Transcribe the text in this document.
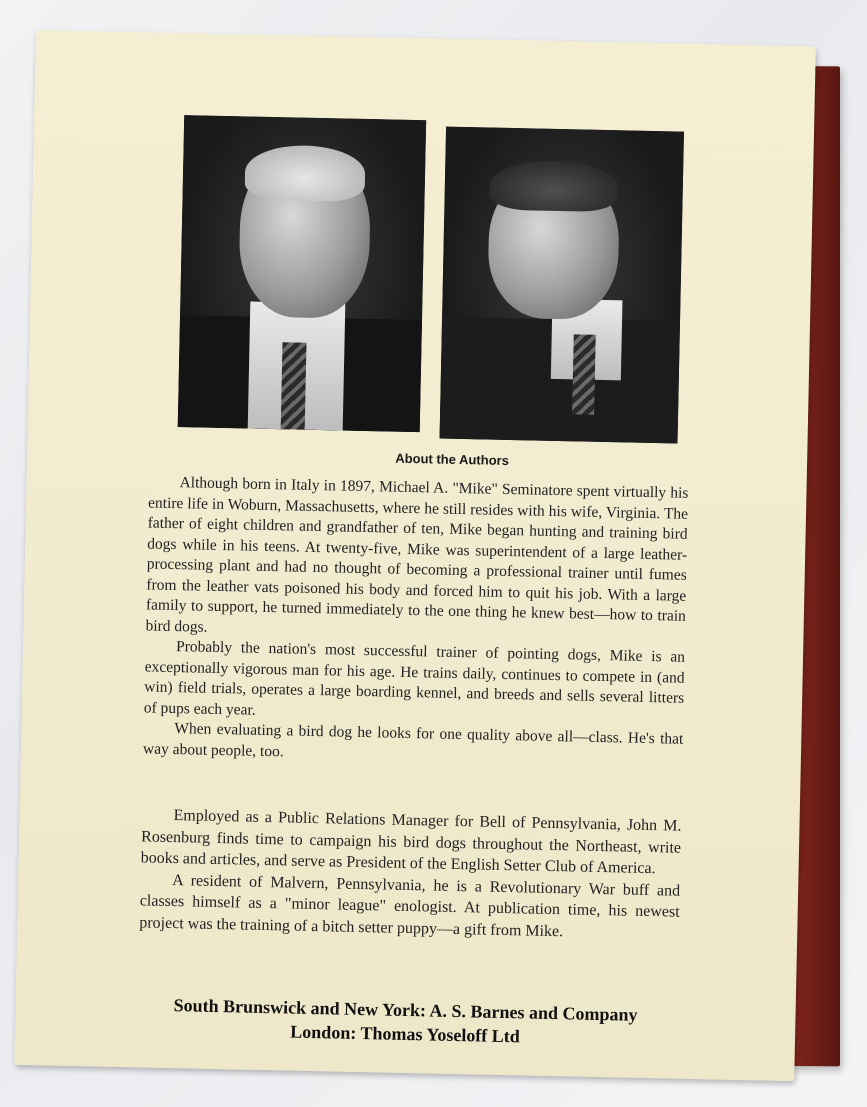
About the Authors

Although born in Italy in 1897, Michael A. "Mike" Seminatore spent virtually his entire life in Woburn, Massachusetts, where he still resides with his wife, Virginia. The father of eight children and grandfather of ten, Mike began hunting and training bird dogs while in his teens. At twenty-five, Mike was superintendent of a large leather-processing plant and had no thought of becoming a professional trainer until fumes from the leather vats poisoned his body and forced him to quit his job. With a large family to support, he turned immediately to the one thing he knew best—how to train bird dogs.

Probably the nation's most successful trainer of pointing dogs, Mike is an exceptionally vigorous man for his age. He trains daily, continues to compete in (and win) field trials, operates a large boarding kennel, and breeds and sells several litters of pups each year.

When evaluating a bird dog he looks for one quality above all—class. He's that way about people, too.

Employed as a Public Relations Manager for Bell of Pennsylvania, John M. Rosenburg finds time to campaign his bird dogs throughout the Northeast, write books and articles, and serve as President of the English Setter Club of America.

A resident of Malvern, Pennsylvania, he is a Revolutionary War buff and classes himself as a "minor league" enologist. At publication time, his newest project was the training of a bitch setter puppy—a gift from Mike.

South Brunswick and New York: A. S. Barnes and Company
London: Thomas Yoseloff Ltd
